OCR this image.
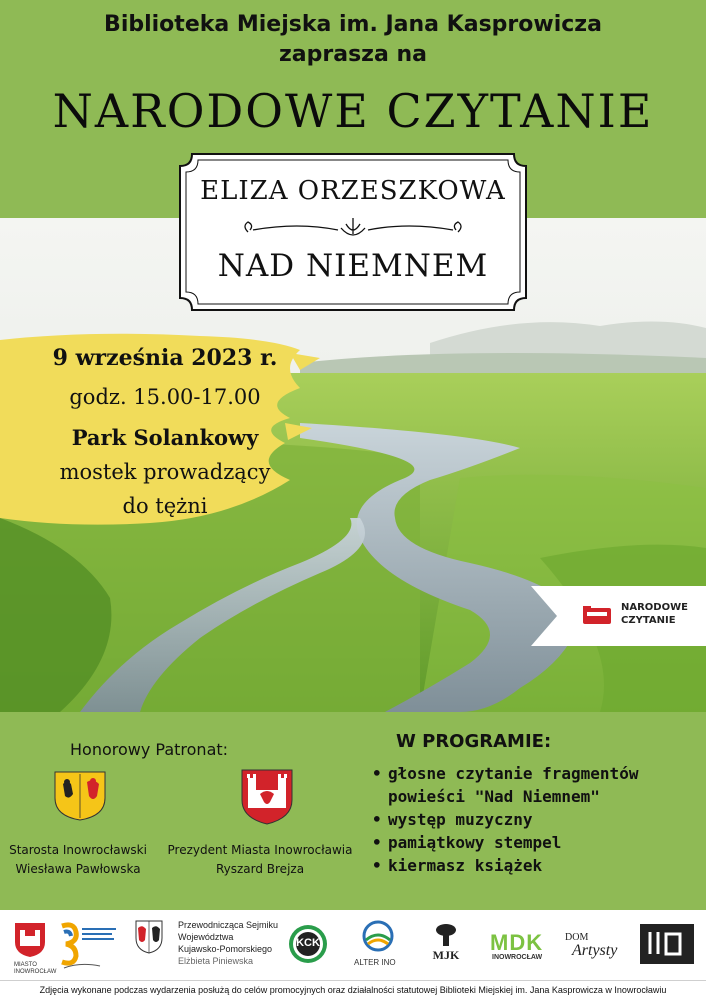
Biblioteka Miejska im. Jana Kasprowicza
zaprasza na
NARODOWE CZYTANIE
ELIZA ORZESZKOWA
NAD NIEMNEM
9 września 2023 r.
godz. 15.00-17.00
Park Solankowy
mostek prowadzący
do tężni
NARODOWE
CZYTANIE
Honorowy Patronat:
Starosta Inowrocławski
Wiesława Pawłowska
Prezydent Miasta Inowrocławia
Ryszard Brejza
W PROGRAMIE:
• głosne czytanie fragmentów
powieści "Nad Niemnem"
• występ muzyczny
• pamiątkowy stempel
• kiermasz książek
MIASTO INOWROCŁAW
Przewodnicząca Sejmiku
Województwa
Kujawsko-Pomorskiego
Elżbieta Piniewska
KCK
ALTER INO
MJK MDK
INOWROCŁAW
DOM
Artysty
Zdjęcia wykonane podczas wydarzenia posłużą do celów promocyjnych oraz działalności statutowej Biblioteki Miejskiej im. Jana Kasprowicza w Inowrocławiu
